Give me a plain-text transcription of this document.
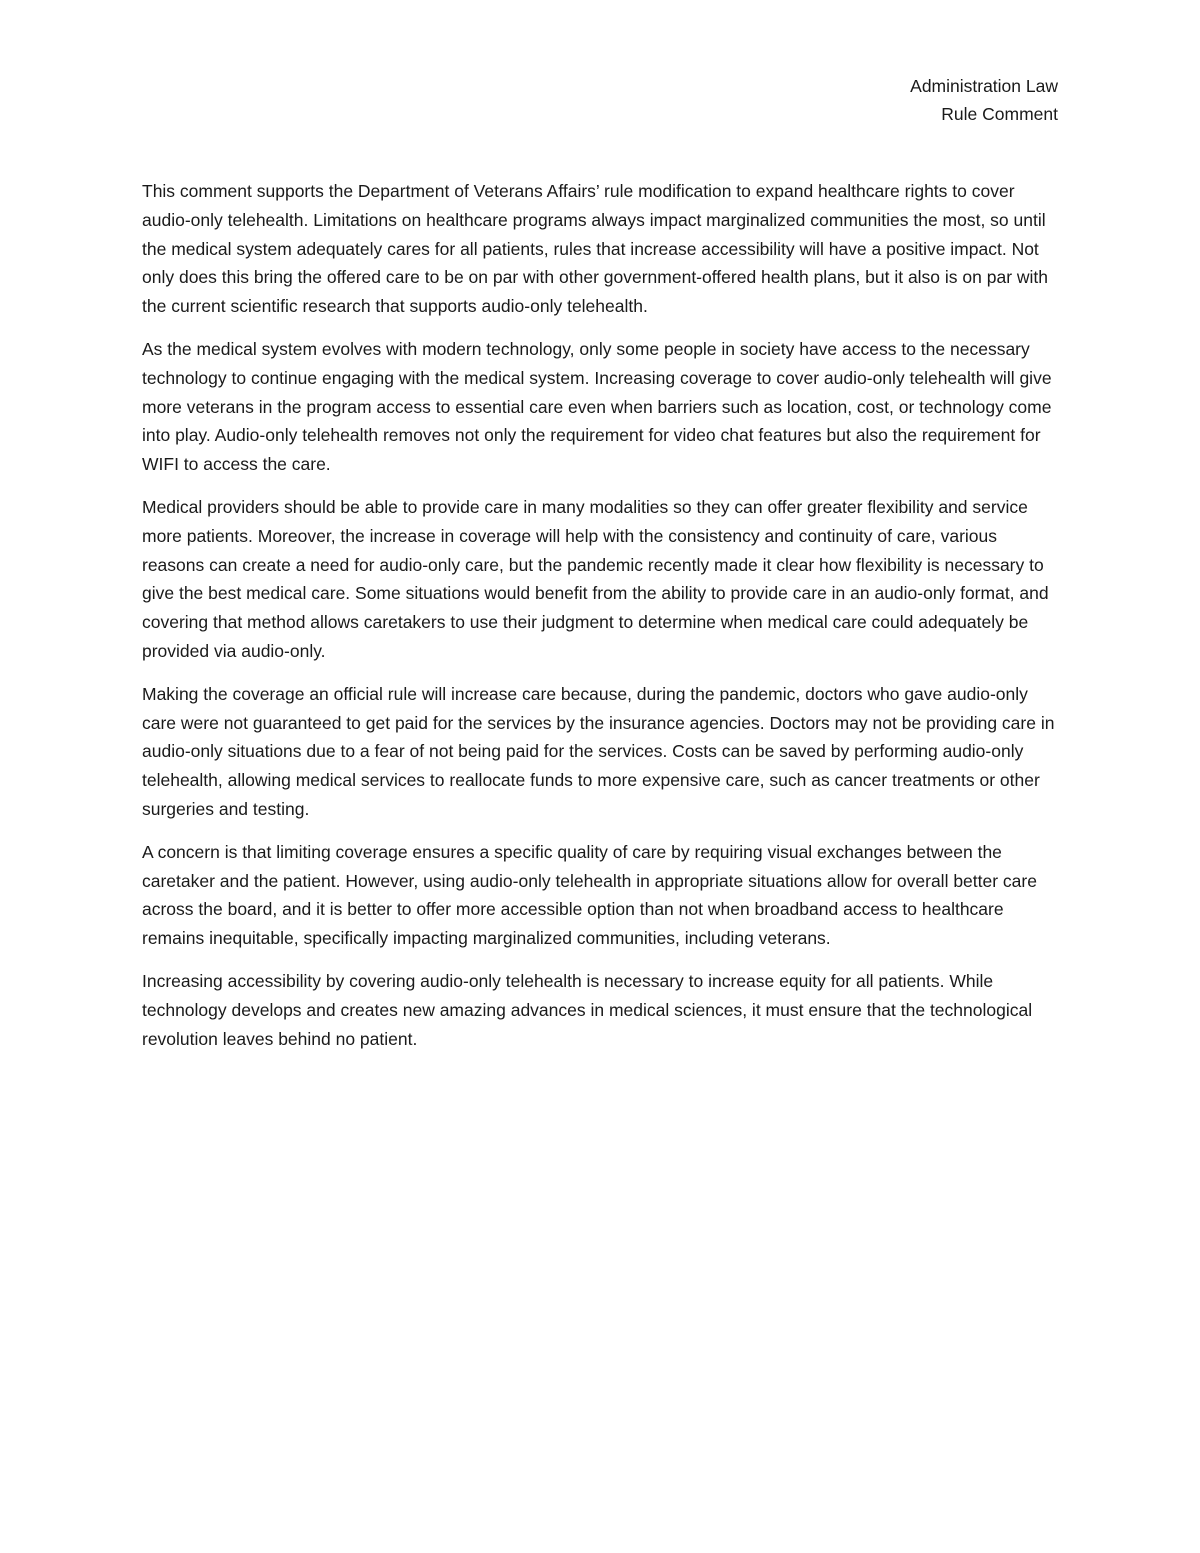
Administration Law
Rule Comment

This comment supports the Department of Veterans Affairs’ rule modification to expand healthcare rights to cover audio-only telehealth. Limitations on healthcare programs always impact marginalized communities the most, so until the medical system adequately cares for all patients, rules that increase accessibility will have a positive impact. Not only does this bring the offered care to be on par with other government-offered health plans, but it also is on par with the current scientific research that supports audio-only telehealth.

As the medical system evolves with modern technology, only some people in society have access to the necessary technology to continue engaging with the medical system. Increasing coverage to cover audio-only telehealth will give more veterans in the program access to essential care even when barriers such as location, cost, or technology come into play. Audio-only telehealth removes not only the requirement for video chat features but also the requirement for WIFI to access the care.

Medical providers should be able to provide care in many modalities so they can offer greater flexibility and service more patients. Moreover, the increase in coverage will help with the consistency and continuity of care, various reasons can create a need for audio-only care, but the pandemic recently made it clear how flexibility is necessary to give the best medical care. Some situations would benefit from the ability to provide care in an audio-only format, and covering that method allows caretakers to use their judgment to determine when medical care could adequately be provided via audio-only.

Making the coverage an official rule will increase care because, during the pandemic, doctors who gave audio-only care were not guaranteed to get paid for the services by the insurance agencies. Doctors may not be providing care in audio-only situations due to a fear of not being paid for the services. Costs can be saved by performing audio-only telehealth, allowing medical services to reallocate funds to more expensive care, such as cancer treatments or other surgeries and testing.

A concern is that limiting coverage ensures a specific quality of care by requiring visual exchanges between the caretaker and the patient. However, using audio-only telehealth in appropriate situations allow for overall better care across the board, and it is better to offer more accessible option than not when broadband access to healthcare remains inequitable, specifically impacting marginalized communities, including veterans.

Increasing accessibility by covering audio-only telehealth is necessary to increase equity for all patients. While technology develops and creates new amazing advances in medical sciences, it must ensure that the technological revolution leaves behind no patient.
